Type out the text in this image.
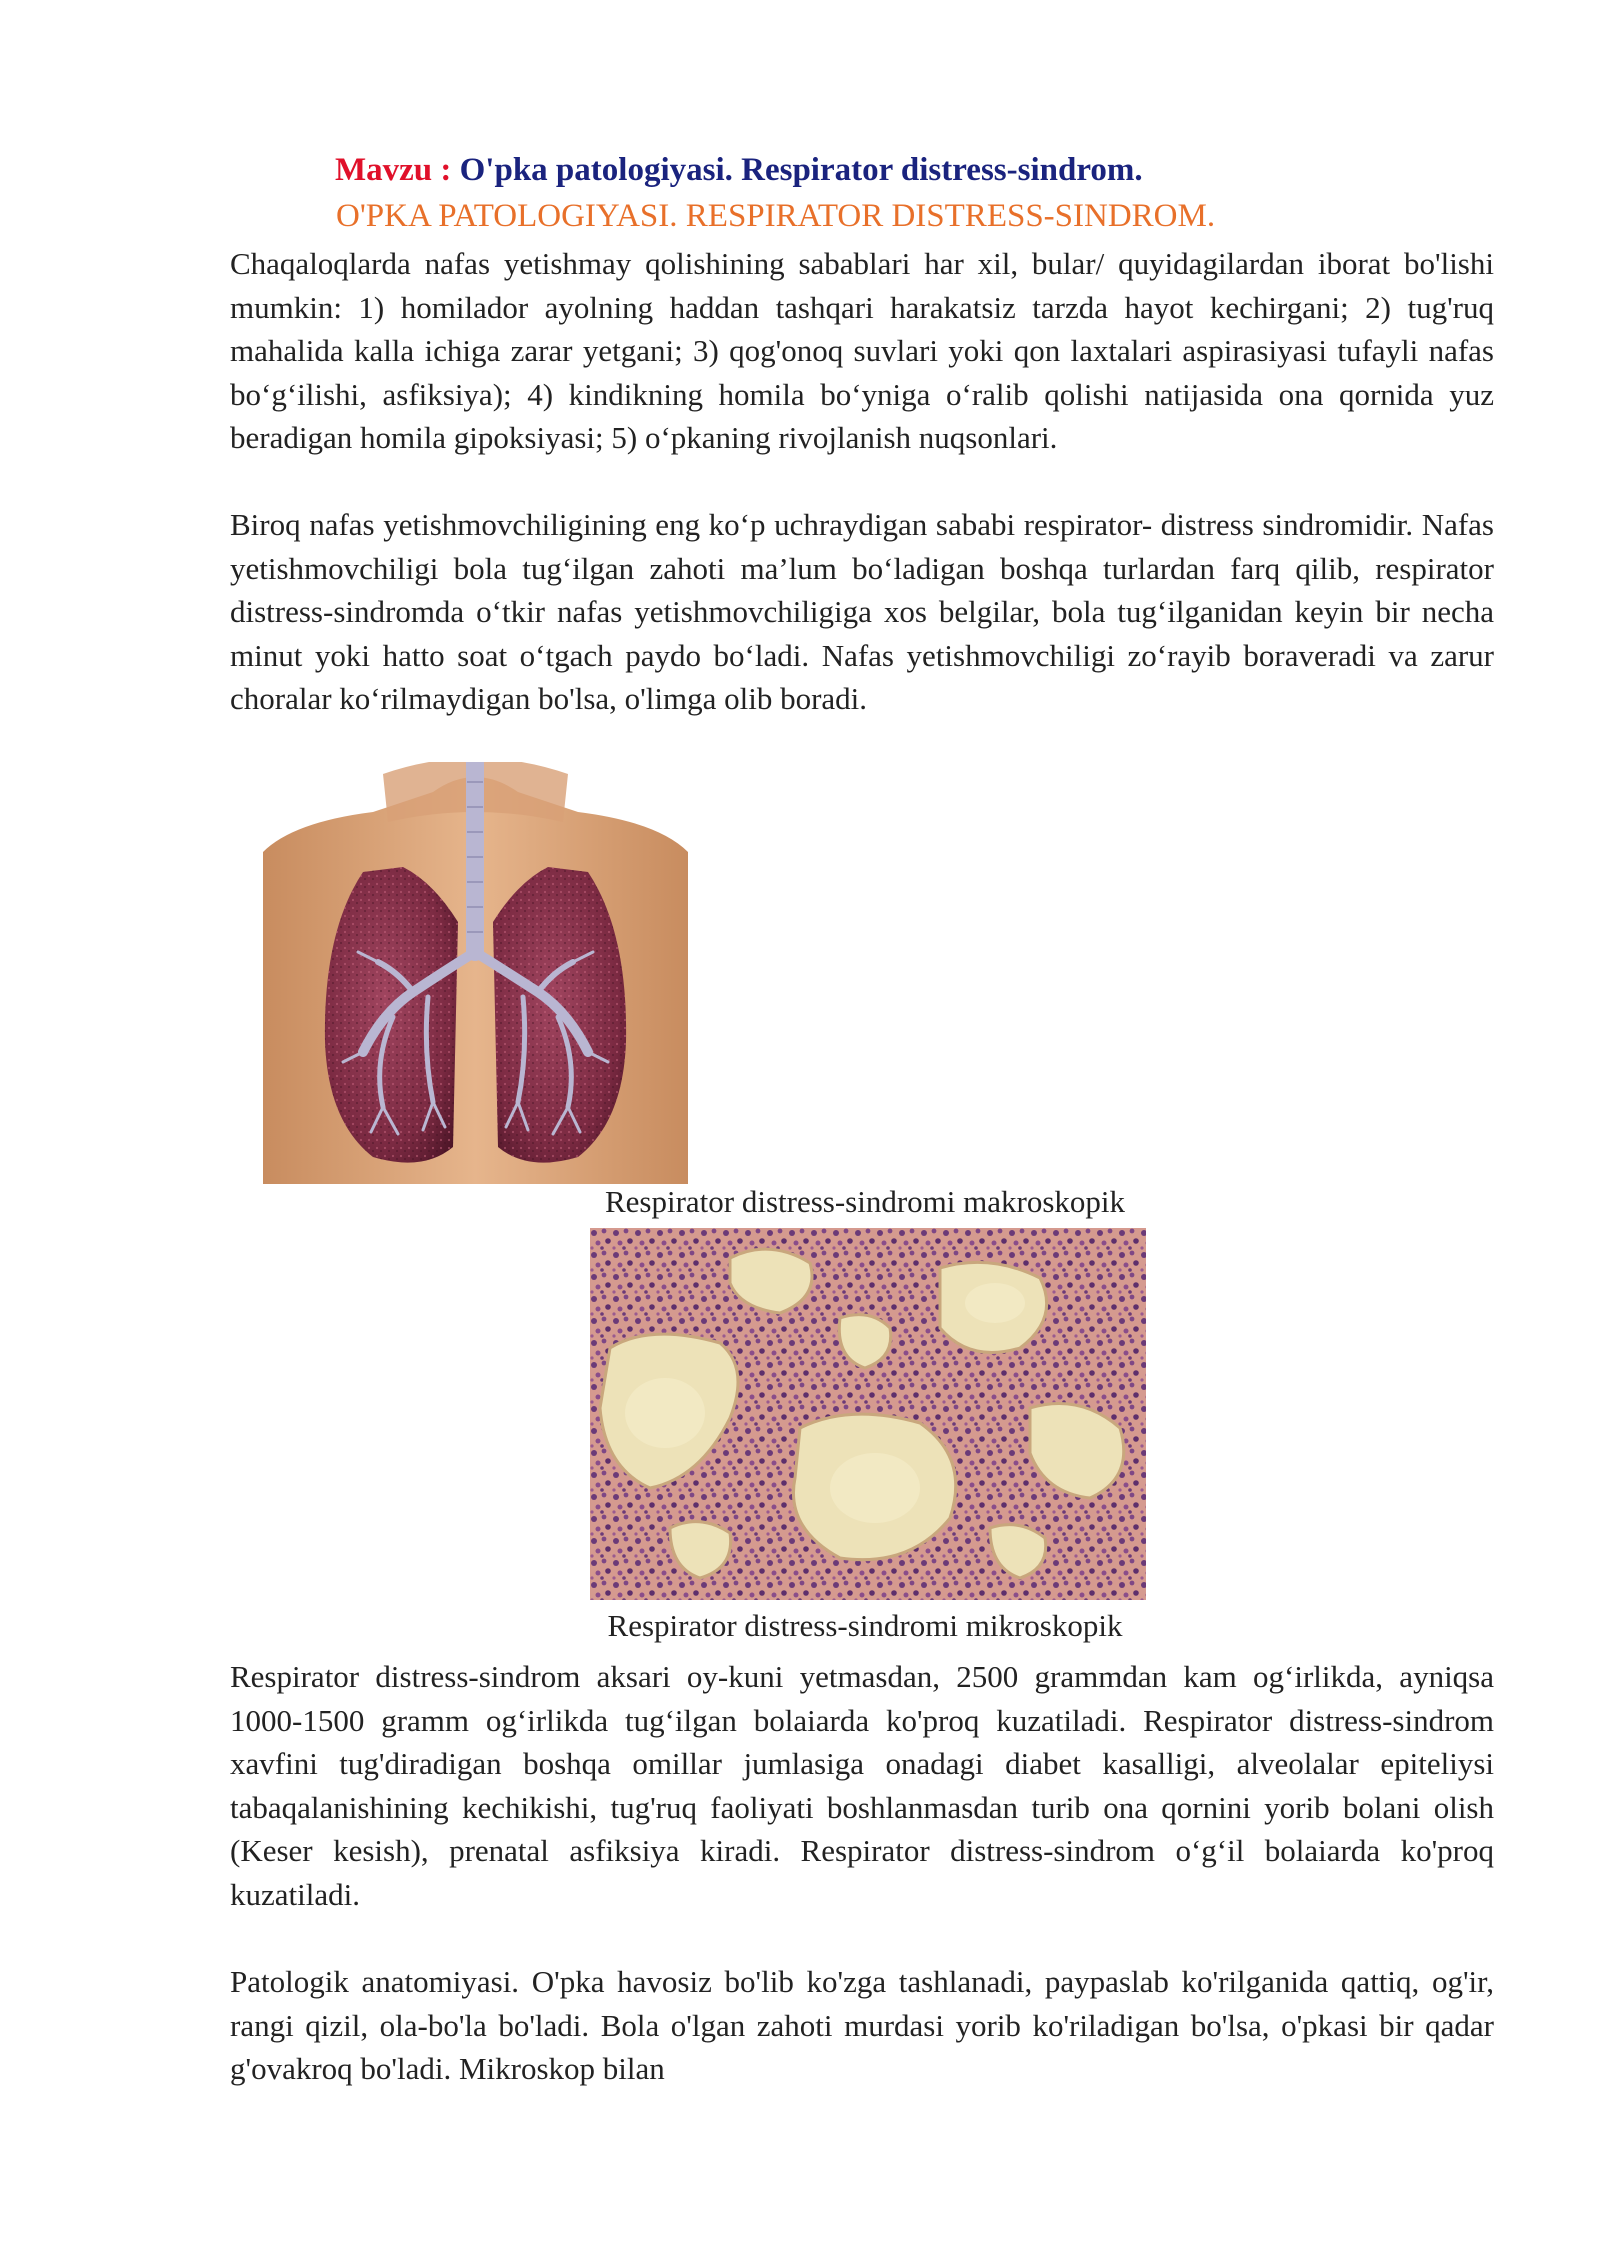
Mavzu : O'pka patologiyasi. Respirator distress-sindrom.
O'PKA PATOLOGIYASI. RESPIRATOR DISTRESS-SINDROM.

Chaqaloqlarda nafas yetishmay qolishining sabablari har xil, bular/ quyidagilardan iborat bo'lishi mumkin: 1) homilador ayolning haddan tashqari harakatsiz tarzda hayot kechirgani; 2) tug'ruq mahalida kalla ichiga zarar yetgani; 3) qog'onoq suvlari yoki qon laxtalari aspirasiyasi tufayli nafas bo‘g‘ilishi, asfiksiya); 4) kindikning homila bo‘yniga o‘ralib qolishi natijasida ona qornida yuz beradigan homila gipoksiyasi; 5) o‘pkaning rivojlanish nuqsonlari.

Biroq nafas yetishmovchiligining eng ko‘p uchraydigan sababi respirator- distress sindromidir. Nafas yetishmovchiligi bola tug‘ilgan zahoti ma’lum bo‘ladigan boshqa turlardan farq qilib, respirator distress-sindromda o‘tkir nafas yetishmovchiligiga xos belgilar, bola tug‘ilganidan keyin bir necha minut yoki hatto soat o‘tgach paydo bo‘ladi. Nafas yetishmovchiligi zo‘rayib boraveradi va zarur choralar ko‘rilmaydigan bo'lsa, o'limga olib boradi.

Respirator distress-sindromi makroskopik
Respirator distress-sindromi mikroskopik

Respirator distress-sindrom aksari oy-kuni yetmasdan, 2500 grammdan kam og‘irlikda, ayniqsa 1000-1500 gramm og‘irlikda tug‘ilgan bolaiarda ko'proq kuzatiladi. Respirator distress-sindrom xavfini tug'diradigan boshqa omillar jumlasiga onadagi diabet kasalligi, alveolalar epiteliysi tabaqalanishining kechikishi, tug'ruq faoliyati boshlanmasdan turib ona qornini yorib bolani olish (Keser kesish), prenatal asfiksiya kiradi. Respirator distress-sindrom o‘g‘il bolaiarda ko'proq kuzatiladi.

Patologik anatomiyasi. O'pka havosiz bo'lib ko'zga tashlanadi, paypaslab ko'rilganida qattiq, og'ir, rangi qizil, ola-bo'la bo'ladi. Bola o'lgan zahoti murdasi yorib ko'riladigan bo'lsa, o'pkasi bir qadar g'ovakroq bo'ladi. Mikroskop bilan
